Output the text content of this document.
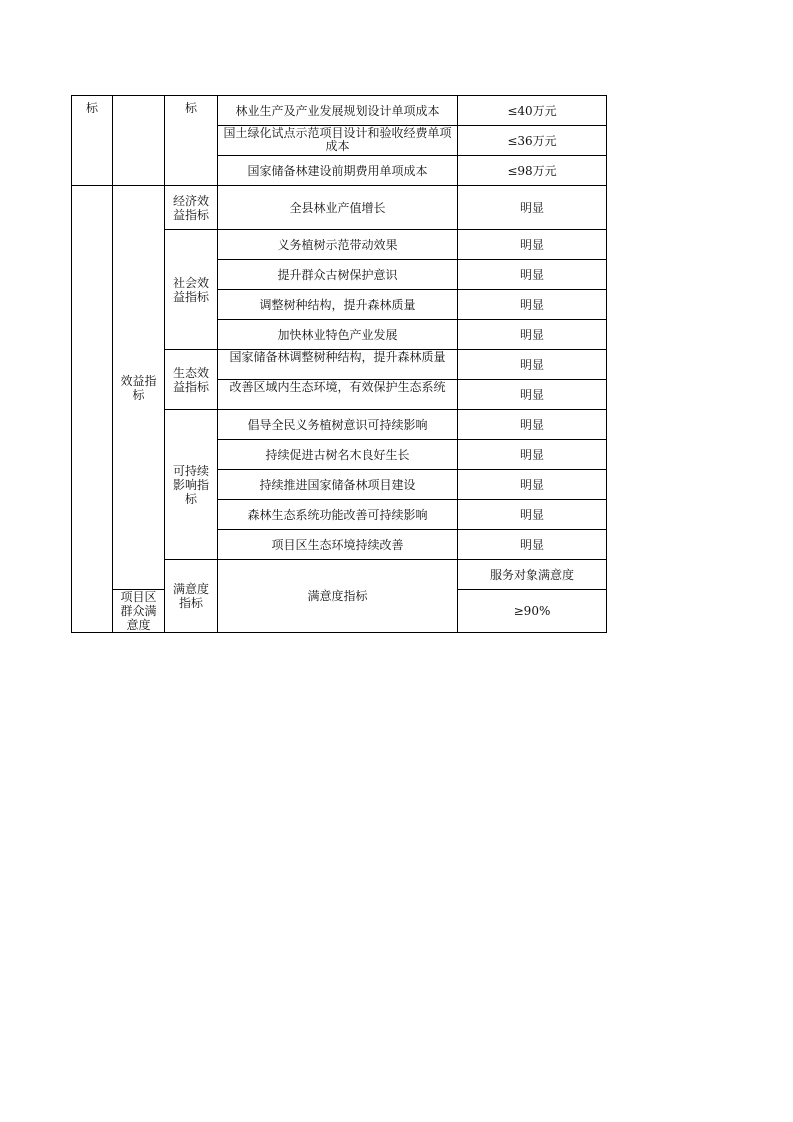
标		标	林业生产及产业发展规划设计单项成本	≤40万元	

			国土绿化试点示范项目设计和验收经费单项成本	≤36万元	
			国家储备林建设前期费用单项成本	≤98万元	
	效益指标	经济效益指标	全县林业产值增长	明显	
		社会效益指标	义务植树示范带动效果	明显	
			提升群众古树保护意识	明显	
			调整树种结构，提升森林质量	明显	
			加快林业特色产业发展	明显	
		生态效益指标	国家储备林调整树种结构，提升森林质量	明显	

			改善区域内生态环境，有效保护生态系统	明显	
		可持续影响指标	倡导全民义务植树意识可持续影响	明显	
			持续促进古树名木良好生长	明显	
			持续推进国家储备林项目建设	明显	
			森林生态系统功能改善可持续影响	明显	
			项目区生态环境持续改善	明显	
		满意度指标	满意度指标	服务对象满意度	
	项目区群众满意度			≥90%	
